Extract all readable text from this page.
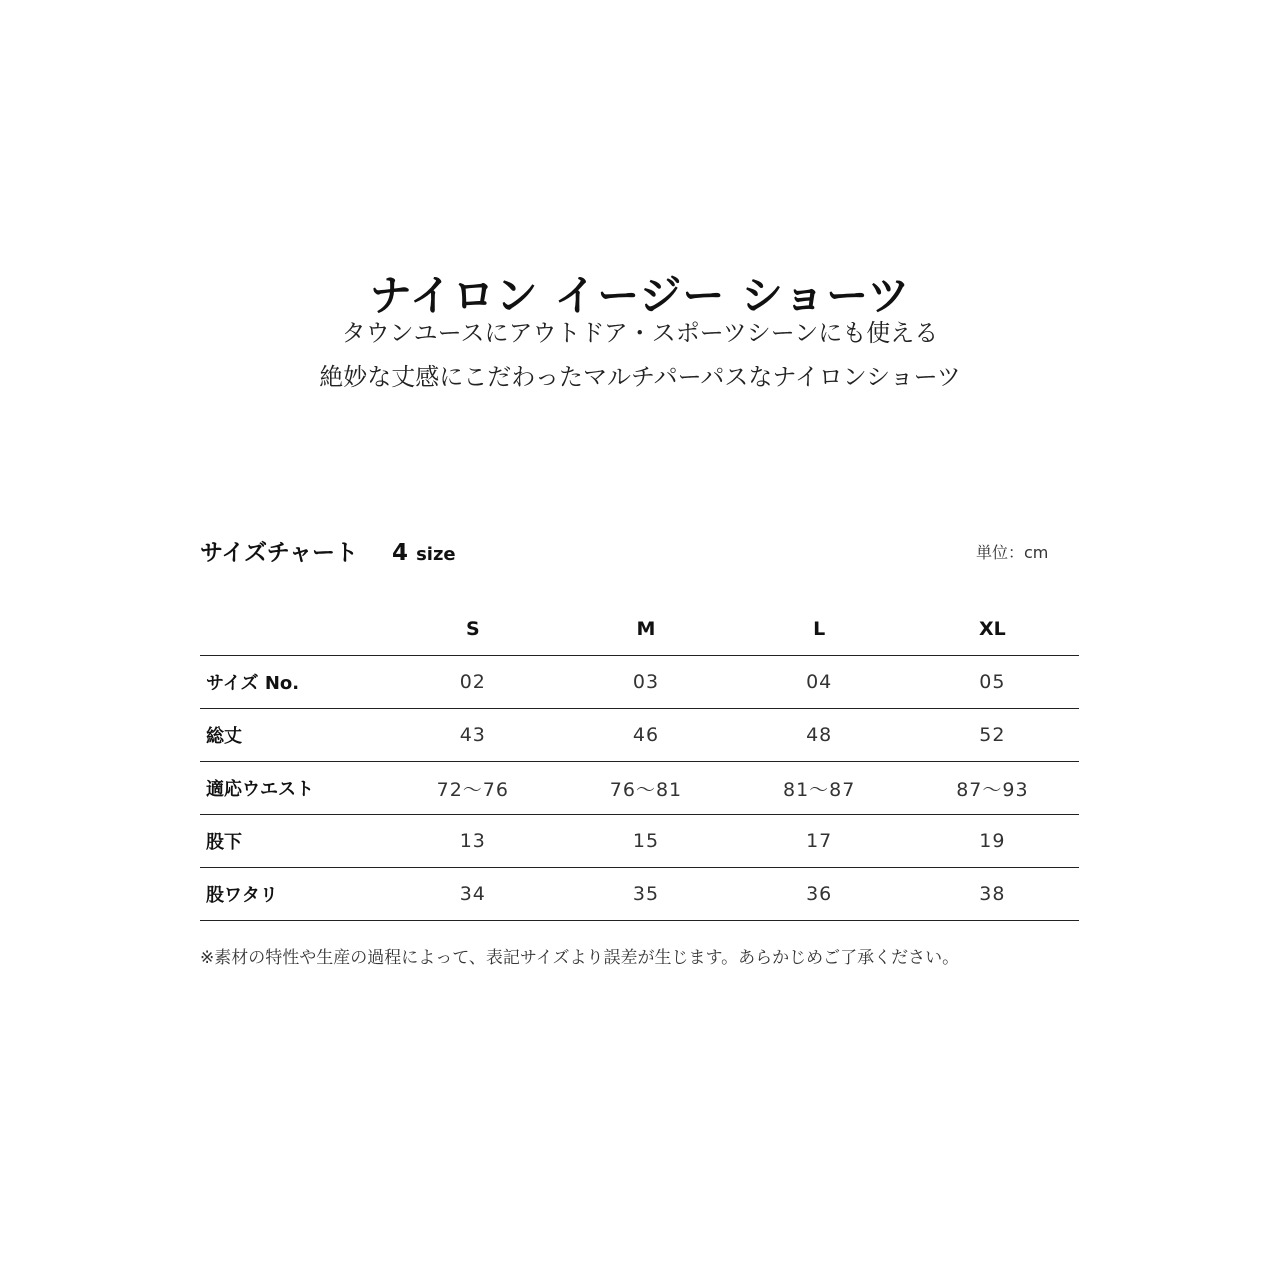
ナイロン イージー ショーツ
タウンユースにアウトドア・スポーツシーンにも使える
絶妙な丈感にこだわったマルチパーパスなナイロンショーツ
サイズチャート 4 size	単位：cm
	S	M	L	XL
サイズ No.	02	03	04	05
総丈	43	46	48	52
適応ウエスト	72〜76	76〜81	81〜87	87〜93
股下	13	15	17	19
股ワタリ	34	35	36	38
※素材の特性や生産の過程によって、表記サイズより誤差が生じます。あらかじめご了承ください。
